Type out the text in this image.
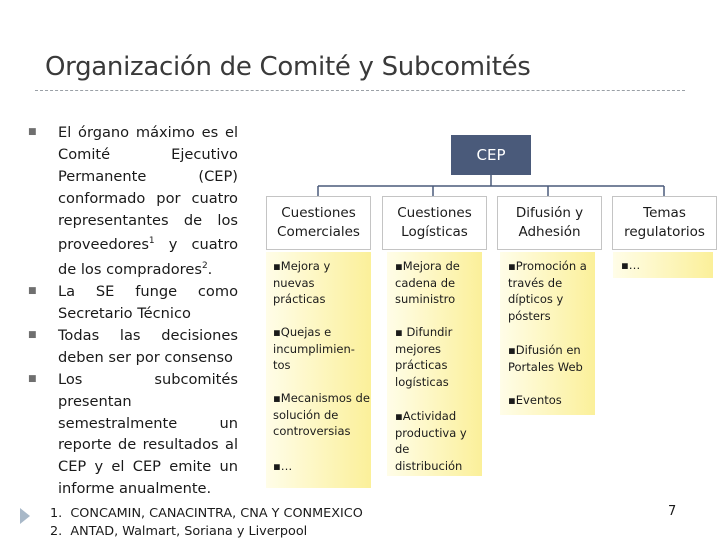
Organización de Comité y Subcomités
■ El órgano máximo es el Comité Ejecutivo Permanente (CEP) conformado por cuatro representantes de los proveedores$^1$ y cuatro de los compradores$^2$.
■ La SE funge como Secretario Técnico
■ Todas las decisiones deben ser por consenso
■ Los subcomités presentan semestralmente un reporte de resultados al CEP y el CEP emite un informe anualmente.
CEP
Cuestiones Comerciales
▪Mejora y nuevas prácticas
▪Quejas e incumplimien-tos
▪Mecanismos de solución de controversias
▪…
Cuestiones Logísticas
▪Mejora de cadena de suministro
▪ Difundir mejores prácticas logísticas
▪Actividad productiva y de distribución
Difusión y Adhesión
▪Promoción a través de dípticos y pósters
▪Difusión en Portales Web
▪Eventos
Temas regulatorios
▪…
1. CONCAMIN, CANACINTRA, CNA Y CONMEXICO
2. ANTAD, Walmart, Soriana y Liverpool
7
